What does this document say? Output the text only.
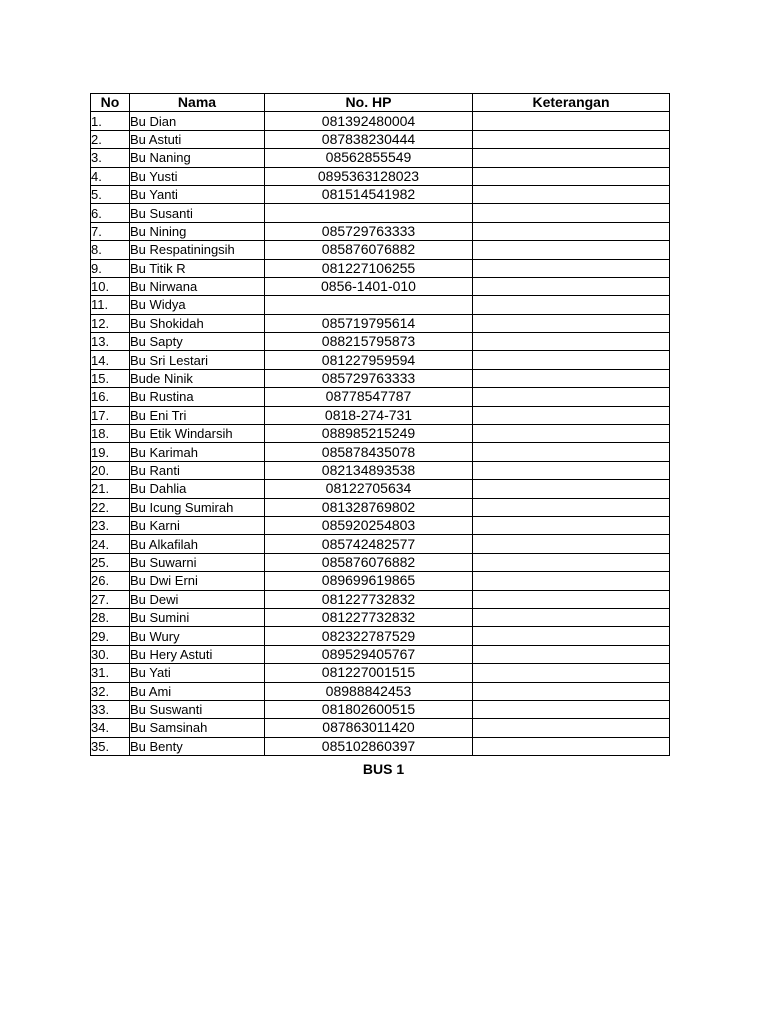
No	Nama	No. HP	Keterangan
1.	Bu Dian	081392480004	
2.	Bu Astuti	087838230444	
3.	Bu Naning	08562855549	
4.	Bu Yusti	0895363128023	
5.	Bu Yanti	081514541982	
6.	Bu Susanti		
7.	Bu Nining	085729763333	
8.	Bu Respatiningsih	085876076882	
9.	Bu Titik R	081227106255	
10.	Bu Nirwana	0856-1401-010	
11.	Bu Widya		
12.	Bu Shokidah	085719795614	
13.	Bu Sapty	088215795873	
14.	Bu Sri Lestari	081227959594	
15.	Bude Ninik	085729763333	
16.	Bu Rustina	08778547787	
17.	Bu Eni Tri	0818-274-731	
18.	Bu Etik Windarsih	088985215249	
19.	Bu Karimah	085878435078	
20.	Bu Ranti	082134893538	
21.	Bu Dahlia	08122705634	
22.	Bu Icung Sumirah	081328769802	
23.	Bu Karni	085920254803	
24.	Bu Alkafilah	085742482577	
25.	Bu Suwarni	085876076882	
26.	Bu Dwi Erni	089699619865	
27.	Bu Dewi	081227732832	
28.	Bu Sumini	081227732832	
29.	Bu Wury	082322787529	
30.	Bu Hery Astuti	089529405767	
31.	Bu Yati	081227001515	
32.	Bu Ami	08988842453	
33.	Bu Suswanti	081802600515	
34.	Bu Samsinah	087863011420	
35.	Bu Benty	085102860397	
BUS 1
